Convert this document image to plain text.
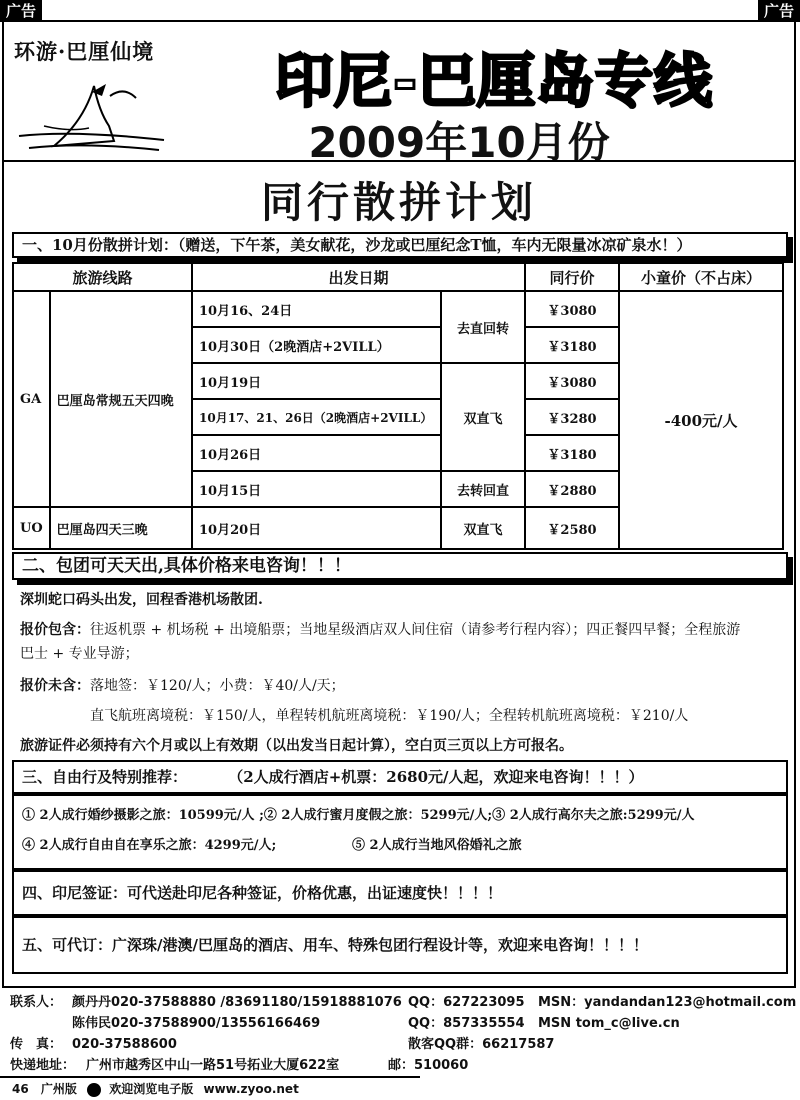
广告	广告
环游·巴厘仙境	印尼-巴厘岛专线
2009年10月份
同行散拼计划
一、10月份散拼计划：（赠送，下午茶，美女献花，沙龙或巴厘纪念T恤，车内无限量冰凉矿泉水！）
旅游线路		出发日期		同行价	小童价（不占床）
GA	巴厘岛常规五天四晚	10月16、24日	去直回转	￥3080	-400元/人
		10月30日（2晚酒店+2VILL）		￥3180	
		10月19日	双直飞	￥3080	
		10月17、21、26日（2晚酒店+2VILL）		￥3280	
		10月26日		￥3180	
		10月15日	去转回直	￥2880	
UO	巴厘岛四天三晚	10月20日	双直飞	￥2580	
二、包团可天天出,具体价格来电咨询！！！
深圳蛇口码头出发，回程香港机场散团.
报价包含：往返机票 + 机场税 + 出境船票；当地星级酒店双人间住宿（请参考行程内容）；四正餐四早餐；全程旅游
巴士 + 专业导游；
报价未含：落地签：￥120/人；小费：￥40/人/天；
直飞航班离境税：￥150/人，单程转机航班离境税：￥190/人；全程转机航班离境税：￥210/人
旅游证件必须持有六个月或以上有效期（以出发当日起计算），空白页三页以上方可报名。
三、自由行及特别推荐：	（2人成行酒店+机票：2680元/人起，欢迎来电咨询！！！）
① 2人成行婚纱摄影之旅：10599元/人 ;② 2人成行蜜月度假之旅：5299元/人;③ 2人成行高尔夫之旅:5299元/人
④ 2人成行自由自在享乐之旅：4299元/人;	⑤ 2人成行当地风俗婚礼之旅
四、印尼签证：可代送赴印尼各种签证，价格优惠，出证速度快！！！！
五、可代订：广深珠/港澳/巴厘岛的酒店、用车、特殊包团行程设计等，欢迎来电咨询！！！！
联系人： 颜丹丹020-37588880 /83691180/15918881076 QQ：627223095 MSN：yandandan123@hotmail.com
陈伟民020-37588900/13556166469	QQ：857335554 MSN tom_c@live.cn
传　真： 020-37588600	散客QQ群：66217587
快递地址： 广州市越秀区中山一路51号拓业大厦622室	邮：510060
46 广州版	欢迎浏览电子版 www.zyoo.net
